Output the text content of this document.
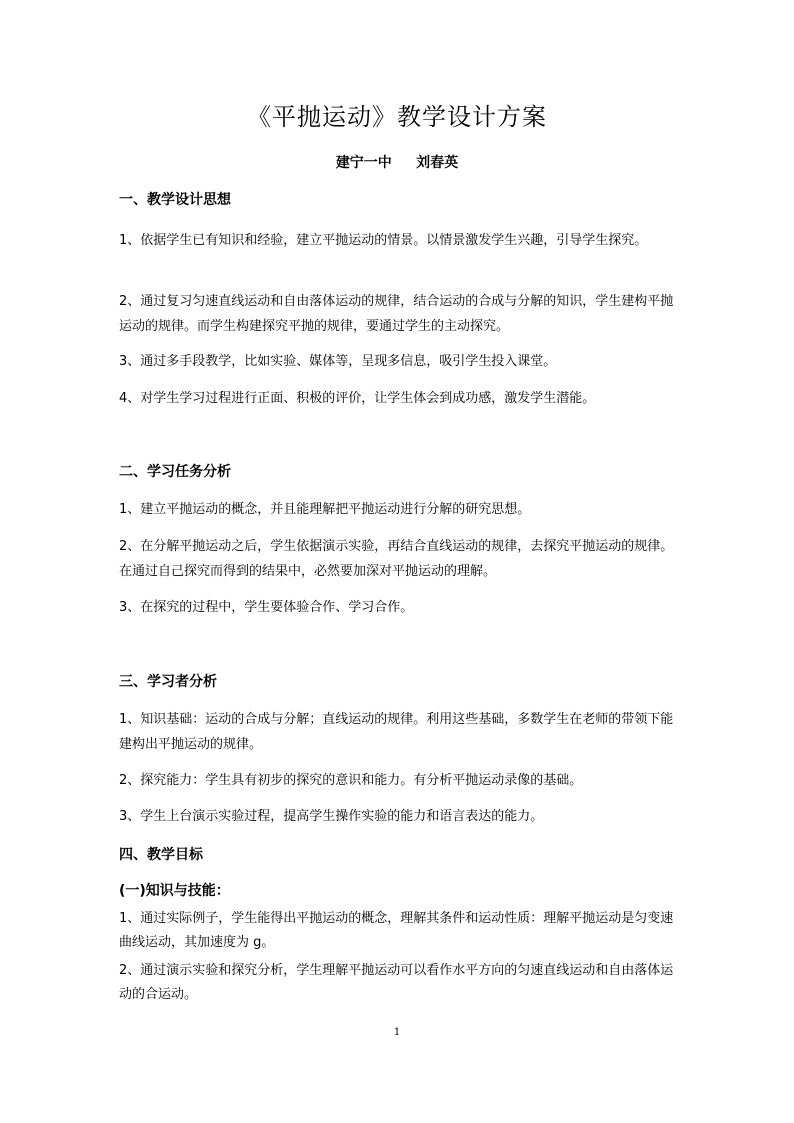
《平抛运动》教学设计方案
建宁一中     刘春英
一、教学设计思想
1、依据学生已有知识和经验，建立平抛运动的情景。以情景激发学生兴趣，引导学生探究。
2、通过复习匀速直线运动和自由落体运动的规律，结合运动的合成与分解的知识，学生建构平抛运动的规律。而学生构建探究平抛的规律，要通过学生的主动探究。
3、通过多手段教学，比如实验、媒体等，呈现多信息，吸引学生投入课堂。
4、对学生学习过程进行正面、积极的评价，让学生体会到成功感，激发学生潜能。
二、学习任务分析
1、建立平抛运动的概念，并且能理解把平抛运动进行分解的研究思想。
2、在分解平抛运动之后，学生依据演示实验，再结合直线运动的规律，去探究平抛运动的规律。在通过自己探究而得到的结果中，必然要加深对平抛运动的理解。
3、在探究的过程中，学生要体验合作、学习合作。
三、学习者分析
1、知识基础：运动的合成与分解；直线运动的规律。利用这些基础，多数学生在老师的带领下能建构出平抛运动的规律。
2、探究能力：学生具有初步的探究的意识和能力。有分析平抛运动录像的基础。
3、学生上台演示实验过程，提高学生操作实验的能力和语言表达的能力。
四、教学目标
(一)知识与技能：
1、通过实际例子，学生能得出平抛运动的概念，理解其条件和运动性质：理解平抛运动是匀变速曲线运动，其加速度为 g。
2、通过演示实验和探究分析，学生理解平抛运动可以看作水平方向的匀速直线运动和自由落体运动的合运动。
1
